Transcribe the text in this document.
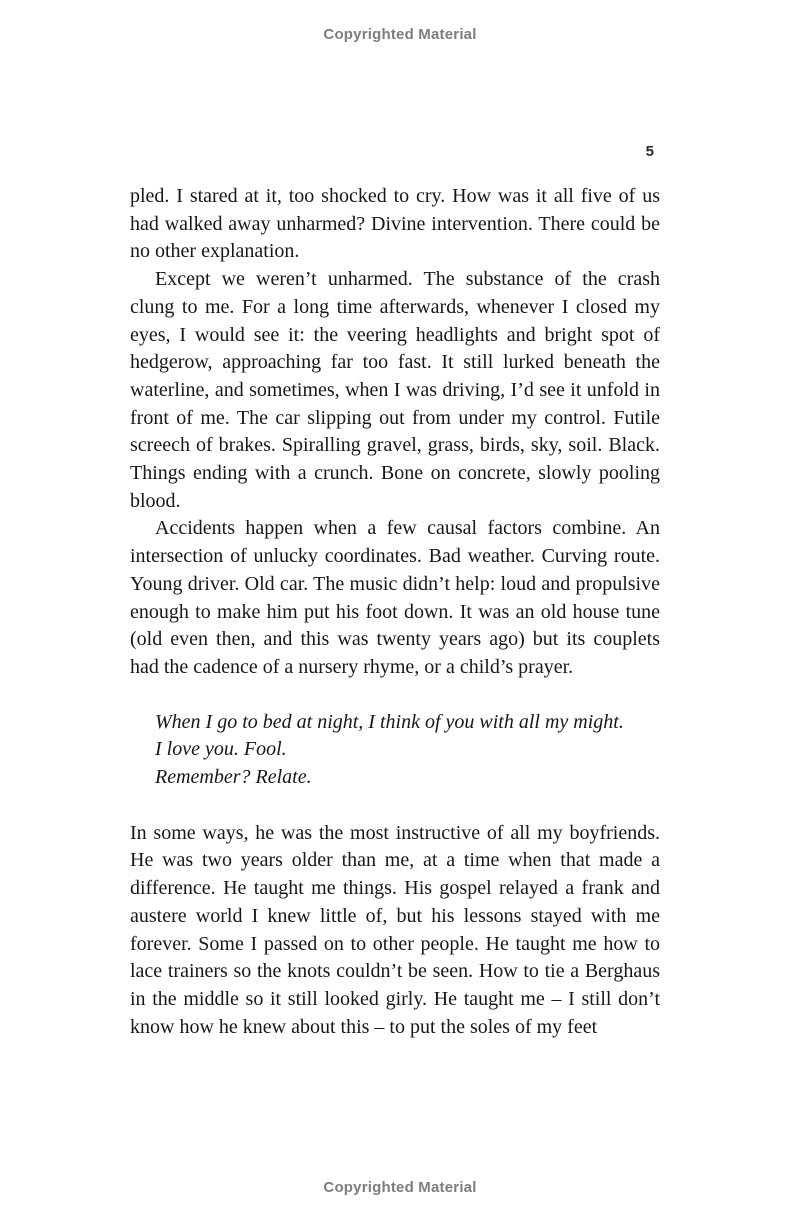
Copyrighted Material
5

pled. I stared at it, too shocked to cry. How was it all five of us had walked away unharmed? Divine intervention. There could be no other explanation.

Except we weren’t unharmed. The substance of the crash clung to me. For a long time afterwards, whenever I closed my eyes, I would see it: the veering headlights and bright spot of hedgerow, approaching far too fast. It still lurked beneath the waterline, and sometimes, when I was driving, I’d see it unfold in front of me. The car slipping out from under my control. Futile screech of brakes. Spiralling gravel, grass, birds, sky, soil. Black. Things ending with a crunch. Bone on concrete, slowly pooling blood.

Accidents happen when a few causal factors combine. An intersection of unlucky coordinates. Bad weather. Curving route. Young driver. Old car. The music didn’t help: loud and propulsive enough to make him put his foot down. It was an old house tune (old even then, and this was twenty years ago) but its couplets had the cadence of a nursery rhyme, or a child’s prayer.

When I go to bed at night, I think of you with all my might.
I love you. Fool.
Remember? Relate.

In some ways, he was the most instructive of all my boyfriends. He was two years older than me, at a time when that made a difference. He taught me things. His gospel relayed a frank and austere world I knew little of, but his lessons stayed with me forever. Some I passed on to other people. He taught me how to lace trainers so the knots couldn’t be seen. How to tie a Berghaus in the middle so it still looked girly. He taught me – I still don’t know how he knew about this – to put the soles of my feet

Copyrighted Material
